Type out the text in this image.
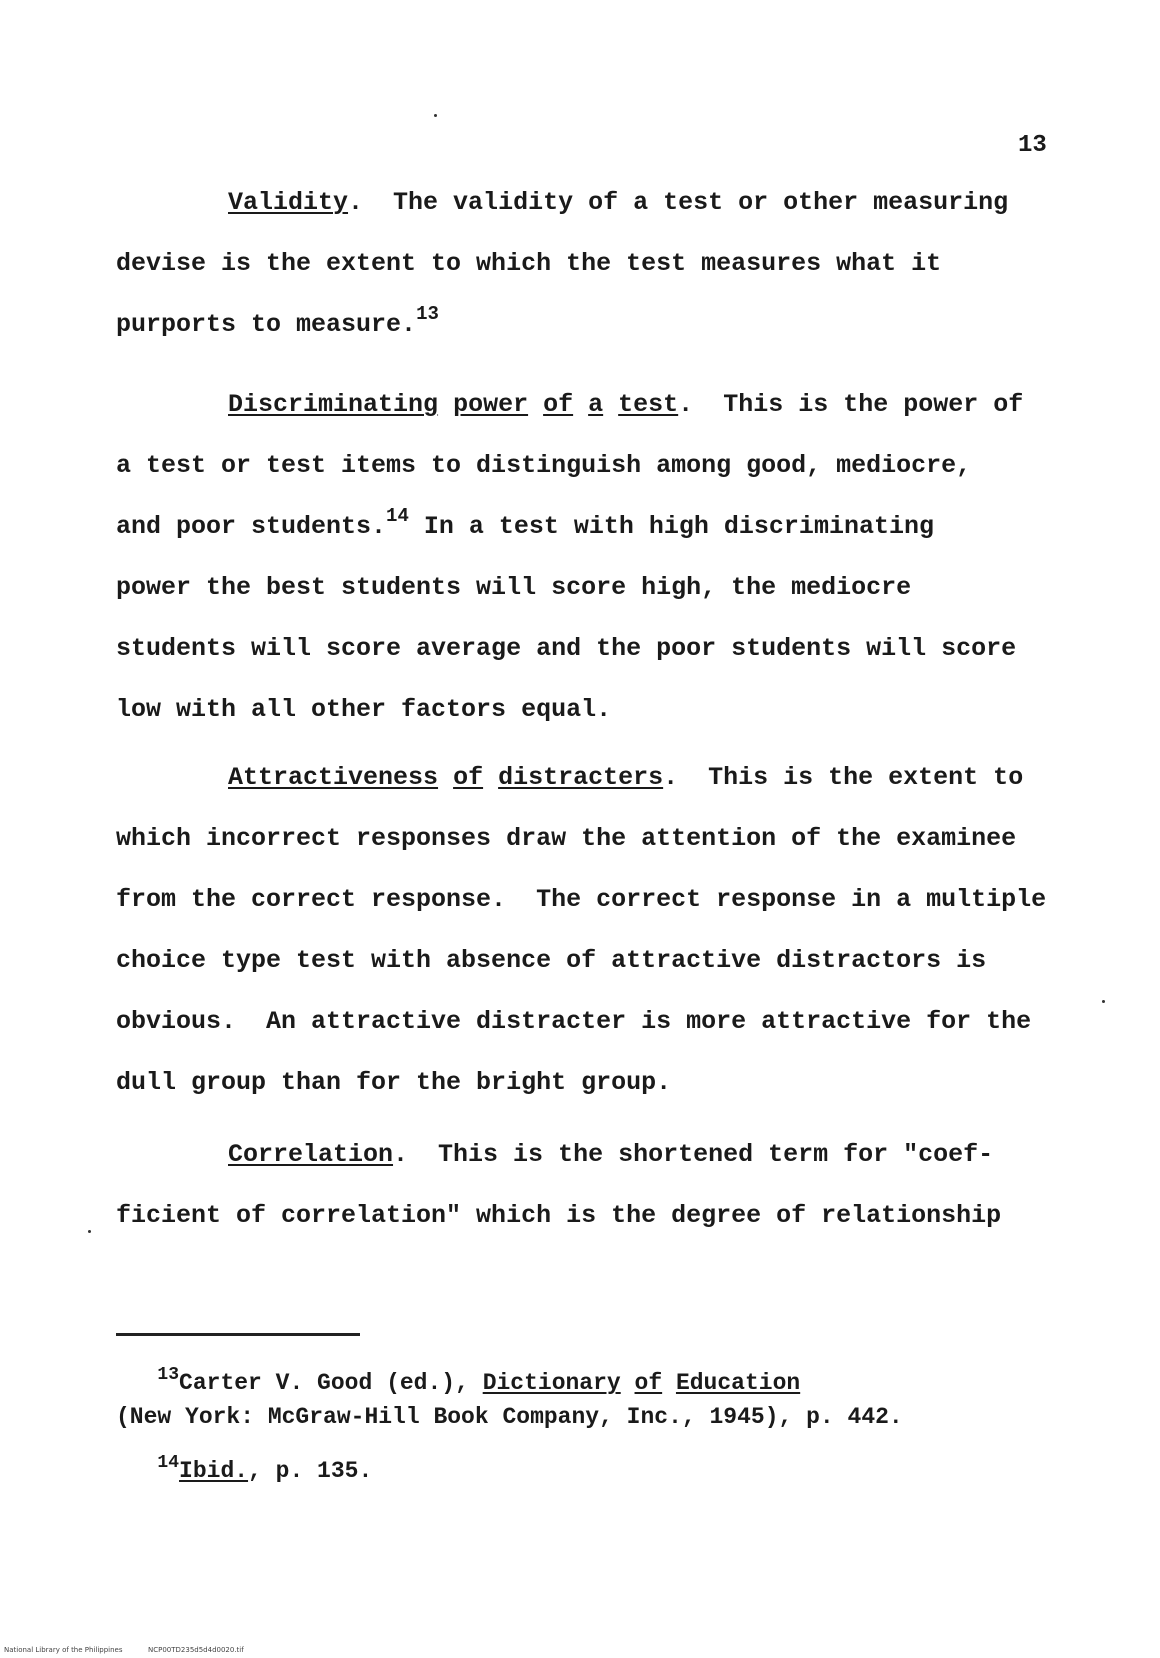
13
Validity.  The validity of a test or other measuring
devise is the extent to which the test measures what it
purports to measure.$^{13}$
Discriminating power of a test.  This is the power of
a test or test items to distinguish among good, mediocre,
and poor students.$^{14}$ In a test with high discriminating
power the best students will score high, the mediocre
students will score average and the poor students will score
low with all other factors equal.
Attractiveness of distracters.  This is the extent to
which incorrect responses draw the attention of the examinee
from the correct response.  The correct response in a multiple
choice type test with absence of attractive distractors is
obvious.  An attractive distracter is more attractive for the
dull group than for the bright group.
Correlation.  This is the shortened term for "coef-
ficient of correlation" which is the degree of relationship
$^{13}$Carter V. Good (ed.), Dictionary of Education
(New York: McGraw-Hill Book Company, Inc., 1945), p. 442.
$^{14}$Ibid., p. 135.
National Library of the Philippines	NCP00TD235d5d4d0020.tif
